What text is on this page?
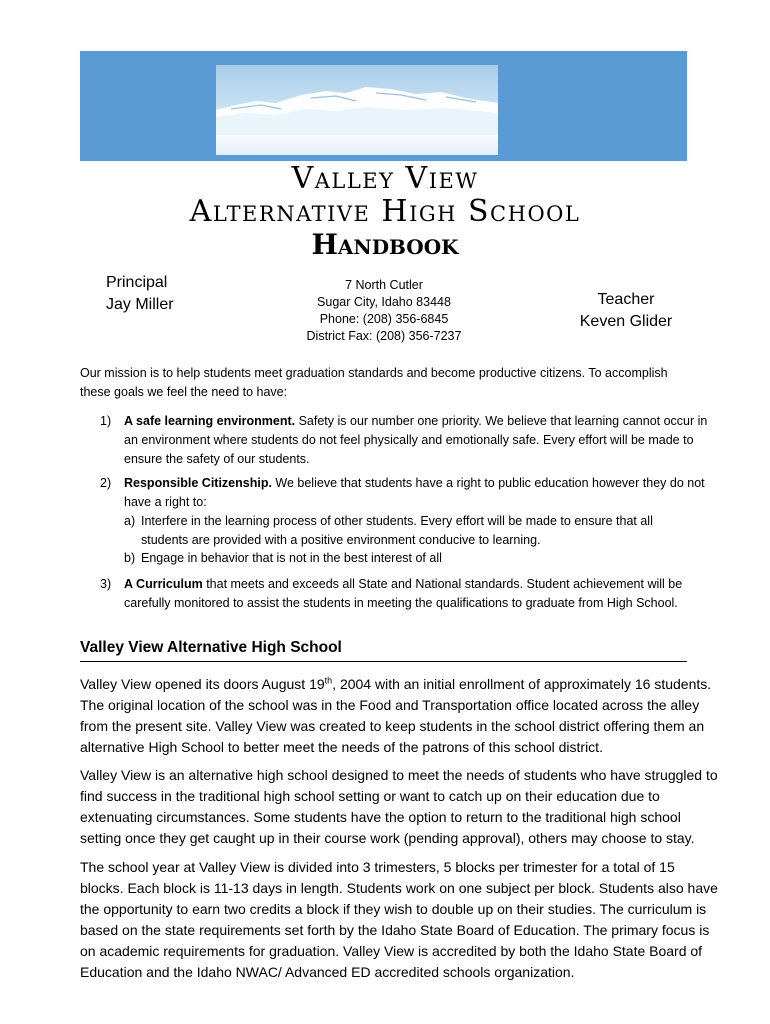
Valley View
Alternative High School
Handbook
Principal
Jay Miller
7 North Cutler
Sugar City, Idaho 83448
Phone: (208) 356-6845
District Fax: (208) 356-7237
Teacher
Keven Glider
Our mission is to help students meet graduation standards and become productive citizens. To accomplish these goals we feel the need to have:
1) A safe learning environment. Safety is our number one priority. We believe that learning cannot occur in an environment where students do not feel physically and emotionally safe. Every effort will be made to ensure the safety of our students.
2) Responsible Citizenship. We believe that students have a right to public education however they do not have a right to:
a) Interfere in the learning process of other students. Every effort will be made to ensure that all students are provided with a positive environment conducive to learning.
b) Engage in behavior that is not in the best interest of all
3) A Curriculum that meets and exceeds all State and National standards. Student achievement will be carefully monitored to assist the students in meeting the qualifications to graduate from High School.
Valley View Alternative High School
Valley View opened its doors August 19th, 2004 with an initial enrollment of approximately 16 students. The original location of the school was in the Food and Transportation office located across the alley from the present site. Valley View was created to keep students in the school district offering them an alternative High School to better meet the needs of the patrons of this school district.
Valley View is an alternative high school designed to meet the needs of students who have struggled to find success in the traditional high school setting or want to catch up on their education due to extenuating circumstances. Some students have the option to return to the traditional high school setting once they get caught up in their course work (pending approval), others may choose to stay.
The school year at Valley View is divided into 3 trimesters, 5 blocks per trimester for a total of 15 blocks. Each block is 11-13 days in length. Students work on one subject per block. Students also have the opportunity to earn two credits a block if they wish to double up on their studies. The curriculum is based on the state requirements set forth by the Idaho State Board of Education. The primary focus is on academic requirements for graduation. Valley View is accredited by both the Idaho State Board of Education and the Idaho NWAC/ Advanced ED accredited schools organization.
